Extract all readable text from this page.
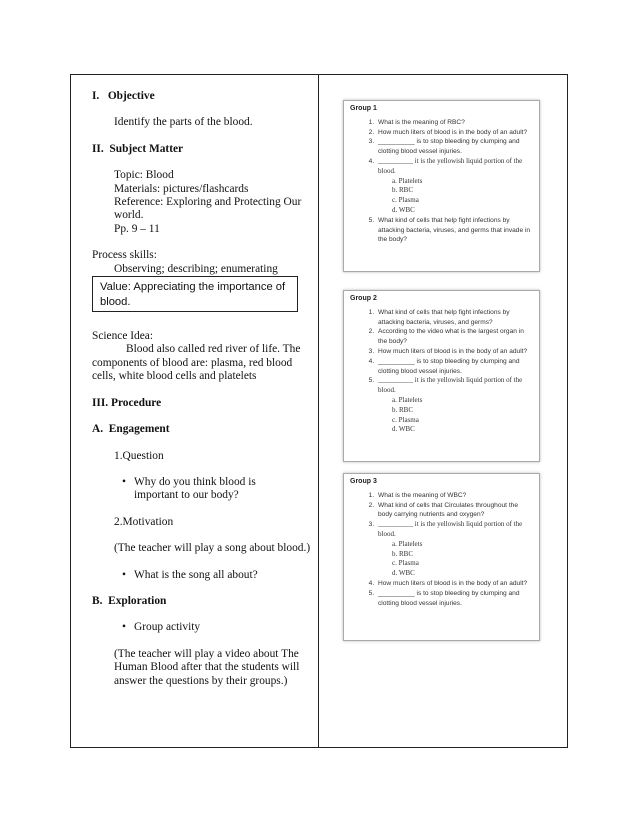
I.   Objective

Identify the parts of the blood.

II.  Subject Matter

Topic: Blood

Materials: pictures/flashcards

Reference: Exploring and Protecting Our

world.

Pp. 9 – 11

Process skills:

Observing; describing; enumerating

Science Idea:

Blood also called red river of life. The

components of blood are: plasma, red blood

cells, white blood cells and platelets

III. Procedure

A.  Engagement

1.Question

• Why do you think blood is
important to our body?

2.Motivation

(The teacher will play a song about blood.)

• What is the song all about?

B.  Exploration

• Group activity

(The teacher will play a video about The

Human Blood after that the students will

answer the questions by their groups.)

Value: Appreciating the importance of
blood.
Group 1
1. What is the meaning of RBC?
2. How much liters of blood is in the body of an adult?
3. __________ is to stop bleeding by clumping and clotting blood vessel injuries.
4. __________ it is the yellowish liquid portion of the blood.
a. Platelets
b. RBC
c. Plasma
d. WBC
5. What kind of cells that help fight infections by attacking bacteria, viruses, and germs that invade in the body?
Group 2
1. What kind of cells that help fight infections by attacking bacteria, viruses, and germs?
2. According to the video what is the largest organ in the body?
3. How much liters of blood is in the body of an adult?
4. __________ is to stop bleeding by clumping and clotting blood vessel injuries.
5. __________ it is the yellowish liquid portion of the blood.
a. Platelets
b. RBC
c. Plasma
d. WBC
Group 3
1. What is the meaning of WBC?
2. What kind of cells that Circulates throughout the body carrying nutrients and oxygen?
3. __________ it is the yellowish liquid portion of the blood.
a. Platelets
b. RBC
c. Plasma
d. WBC
4. How much liters of blood is in the body of an adult?
5. __________ is to stop bleeding by clumping and clotting blood vessel injuries.
